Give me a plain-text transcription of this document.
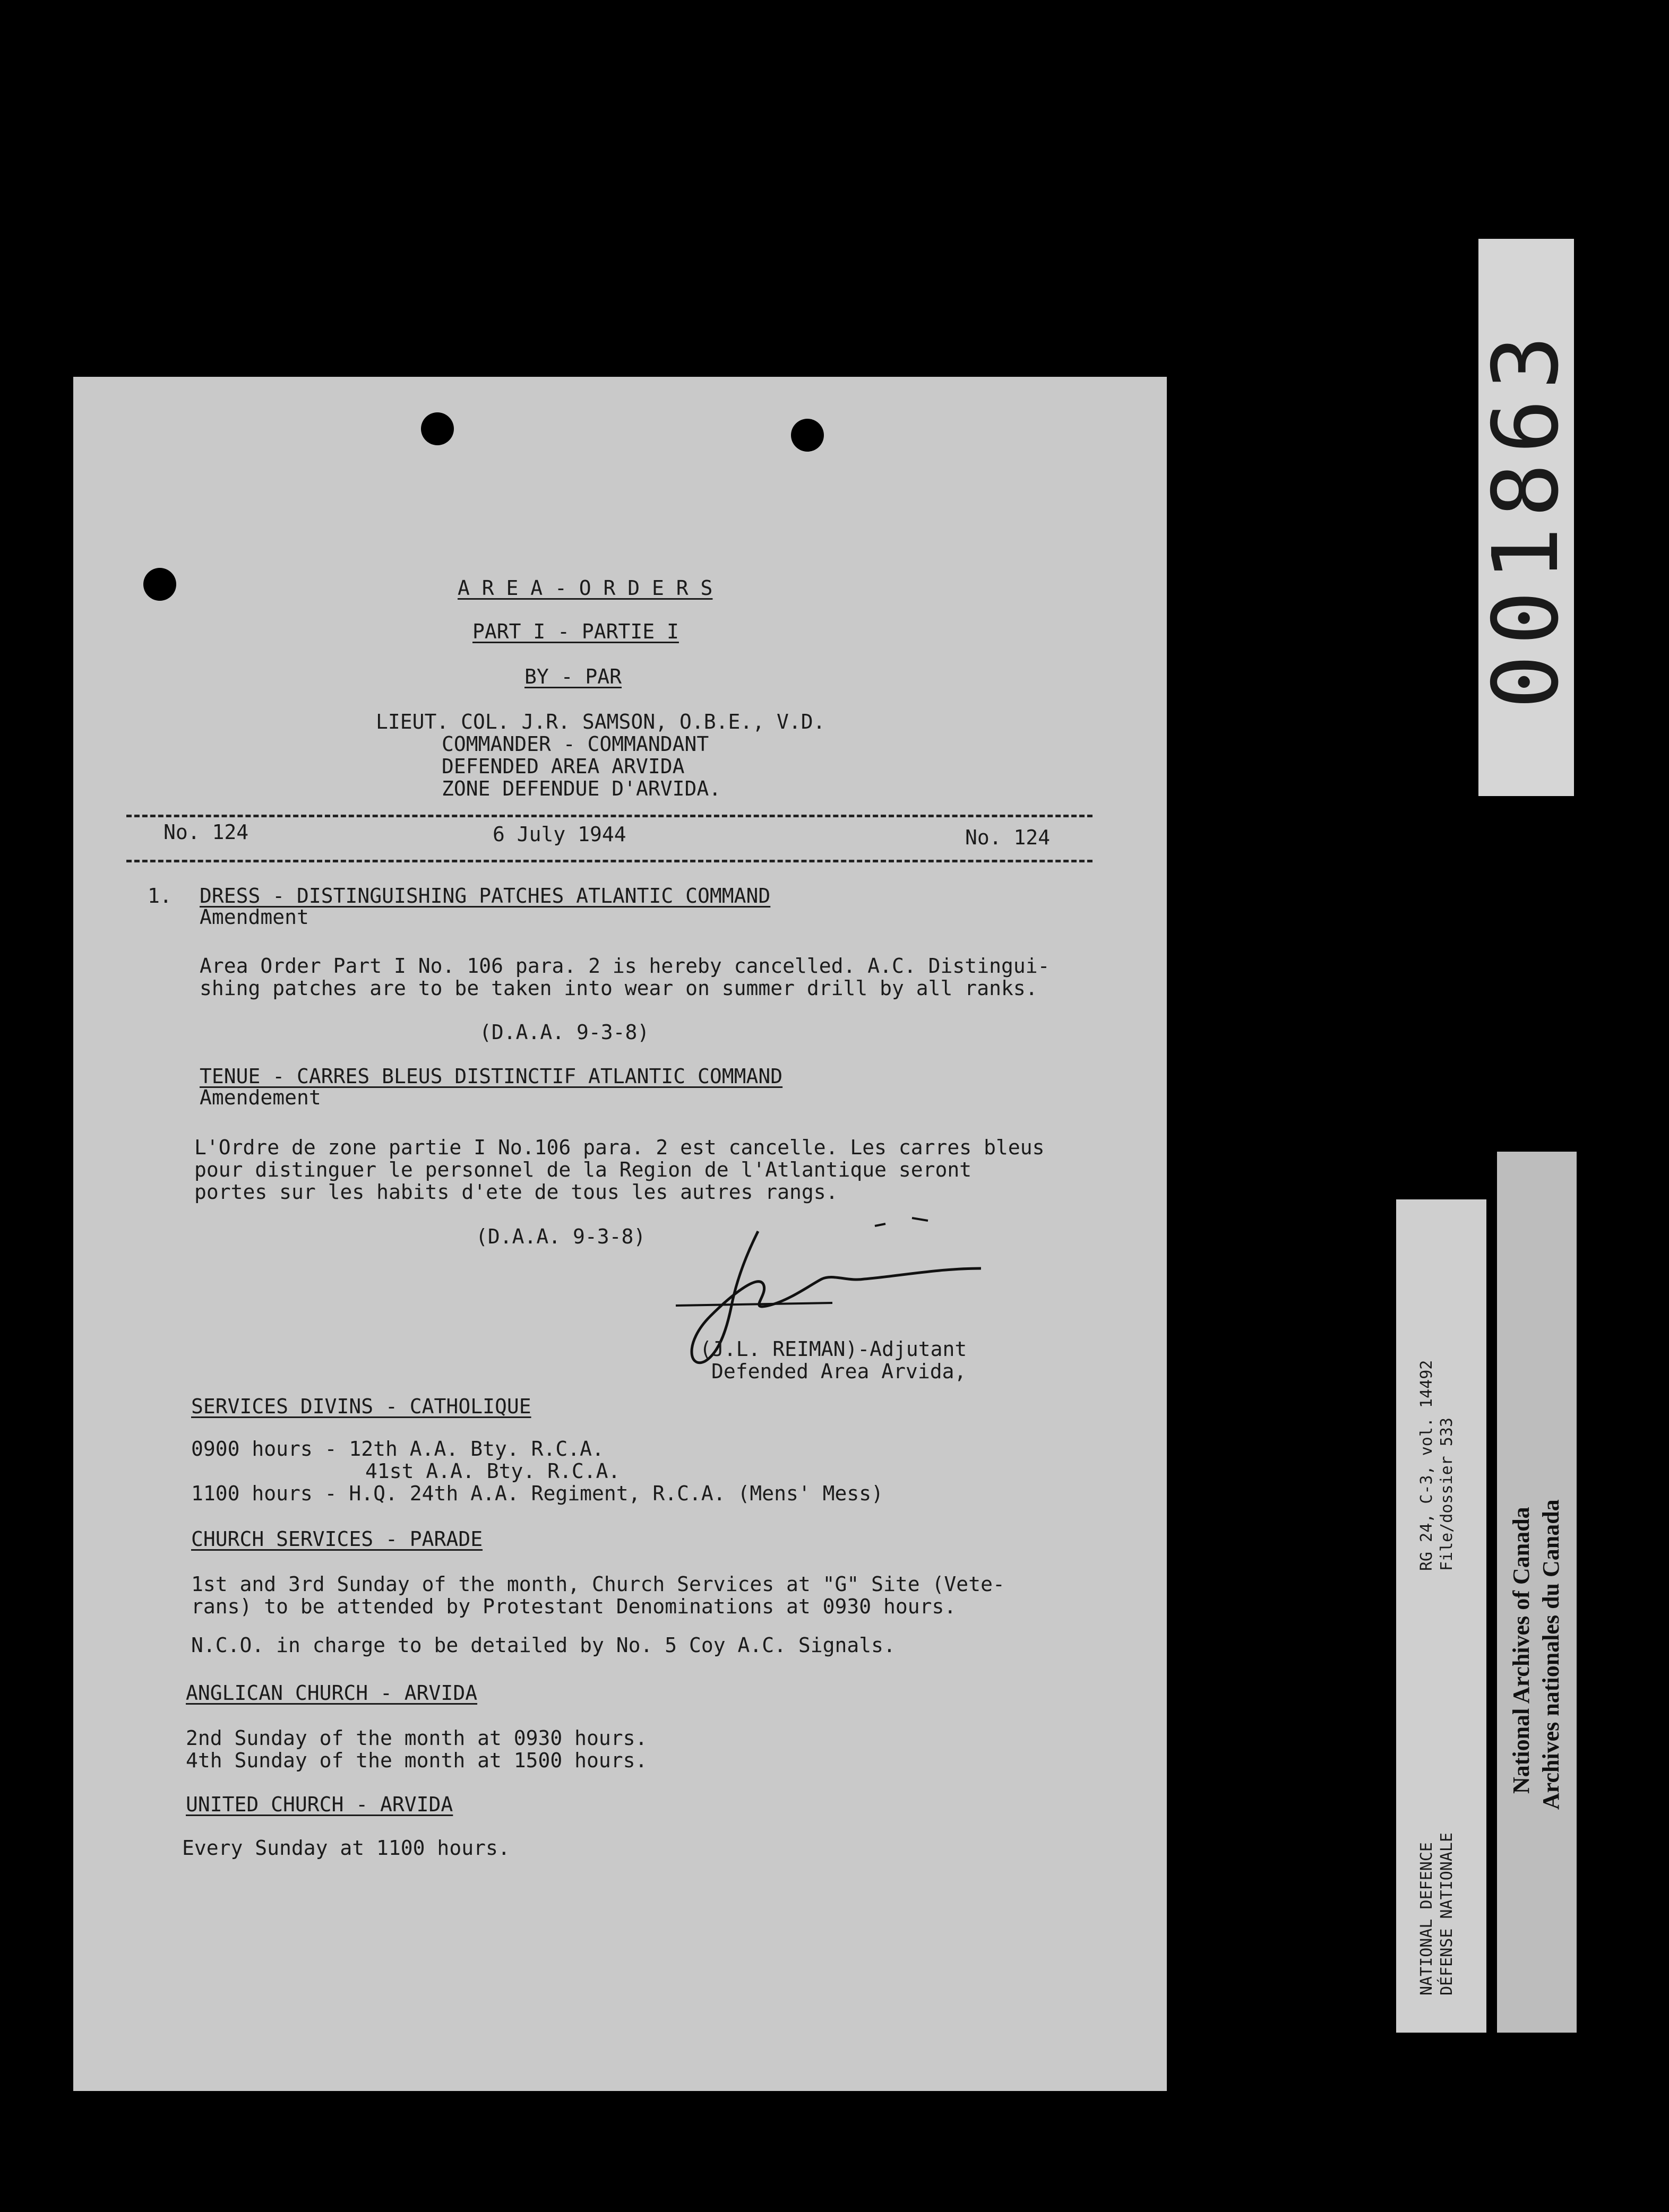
001863
A R E A - O R D E R S
PART I - PARTIE I
BY - PAR
LIEUT. COL. J.R. SAMSON, O.B.E., V.D.
COMMANDER - COMMANDANT
DEFENDED AREA ARVIDA
ZONE DEFENDUE D'ARVIDA.
No. 124	6 July 1944	No. 124
1. DRESS - DISTINGUISHING PATCHES ATLANTIC COMMAND
Amendment
Area Order Part I No. 106 para. 2 is hereby cancelled. A.C. Distingui-
shing patches are to be taken into wear on summer drill by all ranks.
(D.A.A. 9-3-8)
TENUE - CARRES BLEUS DISTINCTIF ATLANTIC COMMAND
Amendement
L'Ordre de zone partie I No.106 para. 2 est cancelle. Les carres bleus
pour distinguer le personnel de la Region de l'Atlantique seront
portes sur les habits d'ete de tous les autres rangs.
(D.A.A. 9-3-8)
(J.L. REIMAN)-Adjutant
Defended Area Arvida,
SERVICES DIVINS - CATHOLIQUE
0900 hours - 12th A.A. Bty. R.C.A.
41st A.A. Bty. R.C.A.
1100 hours - H.Q. 24th A.A. Regiment, R.C.A. (Mens' Mess)
CHURCH SERVICES - PARADE
1st and 3rd Sunday of the month, Church Services at "G" Site (Vete-
rans) to be attended by Protestant Denominations at 0930 hours.
N.C.O. in charge to be detailed by No. 5 Coy A.C. Signals.
ANGLICAN CHURCH - ARVIDA
2nd Sunday of the month at 0930 hours.
4th Sunday of the month at 1500 hours.
UNITED CHURCH - ARVIDA
Every Sunday at 1100 hours.
RG 24, C-3, vol. 14492 File/dossier 533
NATIONAL DEFENCE DÉFENSE NATIONALE
National Archives of Canada Archives nationales du Canada
